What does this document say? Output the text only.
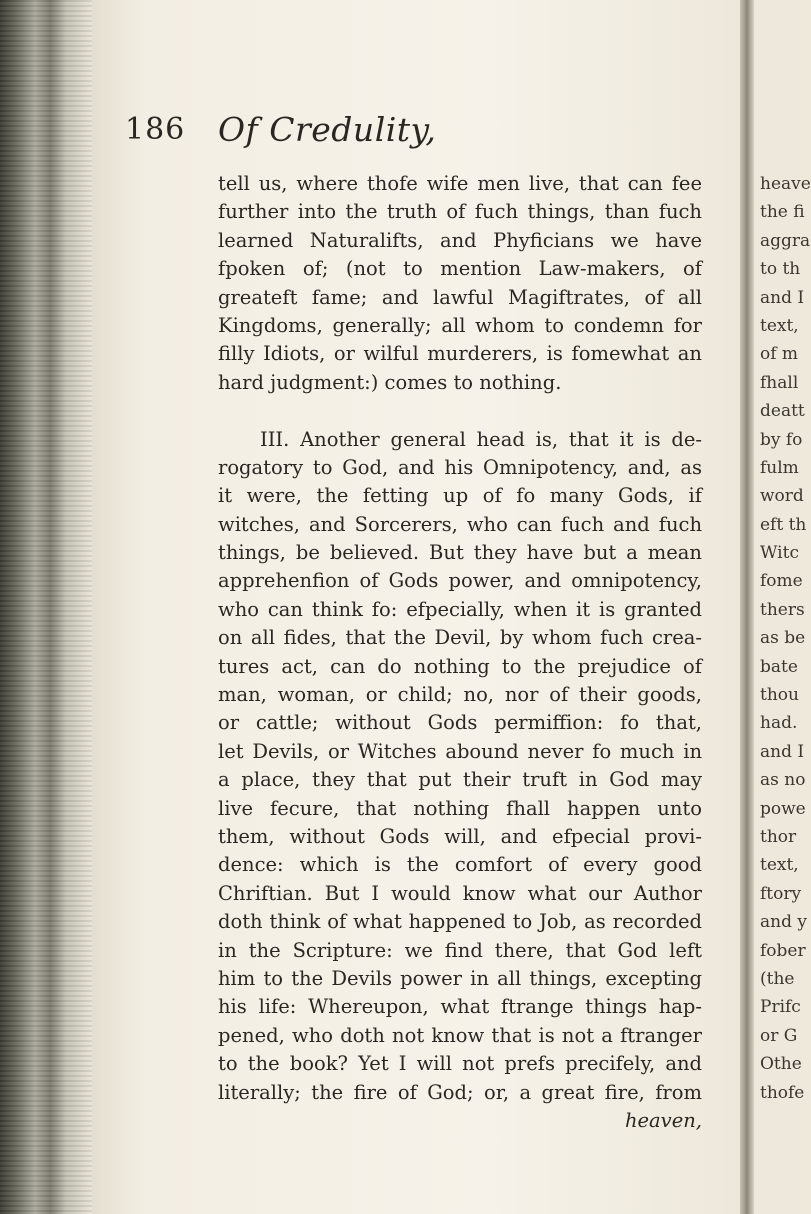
186 Of Credulity,
tell us, where thofe wife men live, that can fee
further into the truth of fuch things, than fuch
learned Naturalifts, and Phyficians we have
fpoken of; (not to mention Law-makers, of
greateft fame; and lawful Magiftrates, of all
Kingdoms, generally; all whom to condemn for
filly Idiots, or wilful murderers, is fomewhat an
hard judgment:) comes to nothing.
III. Another general head is, that it is de-
rogatory to God, and his Omnipotency, and, as
it were, the fetting up of fo many Gods, if
witches, and Sorcerers, who can fuch and fuch
things, be believed. But they have but a mean
apprehenfion of Gods power, and omnipotency,
who can think fo: efpecially, when it is granted
on all fides, that the Devil, by whom fuch crea-
tures act, can do nothing to the prejudice of
man, woman, or child; no, nor of their goods,
or cattle; without Gods permiffion: fo that,
let Devils, or Witches abound never fo much in
a place, they that put their truft in God may
live fecure, that nothing fhall happen unto
them, without Gods will, and efpecial provi-
dence: which is the comfort of every good
Chriftian. But I would know what our Author
doth think of what happened to Job, as recorded
in the Scripture: we find there, that God left
him to the Devils power in all things, excepting
his life: Whereupon, what ftrange things hap-
pened, who doth not know that is not a ftranger
to the book? Yet I will not prefs precifely, and
literally; the fire of God; or, a great fire, from
heaven,
heave
the fi
aggra
to th
and I
text,
of m
fhall
deatt
by fo
fulm
word
eft th
Witc
fome
thers
as be
bate
thou
had.
and I
as no
powe
thor
text,
ftory
and y
fober
(the
Prifc
or G
Othe
thofe
